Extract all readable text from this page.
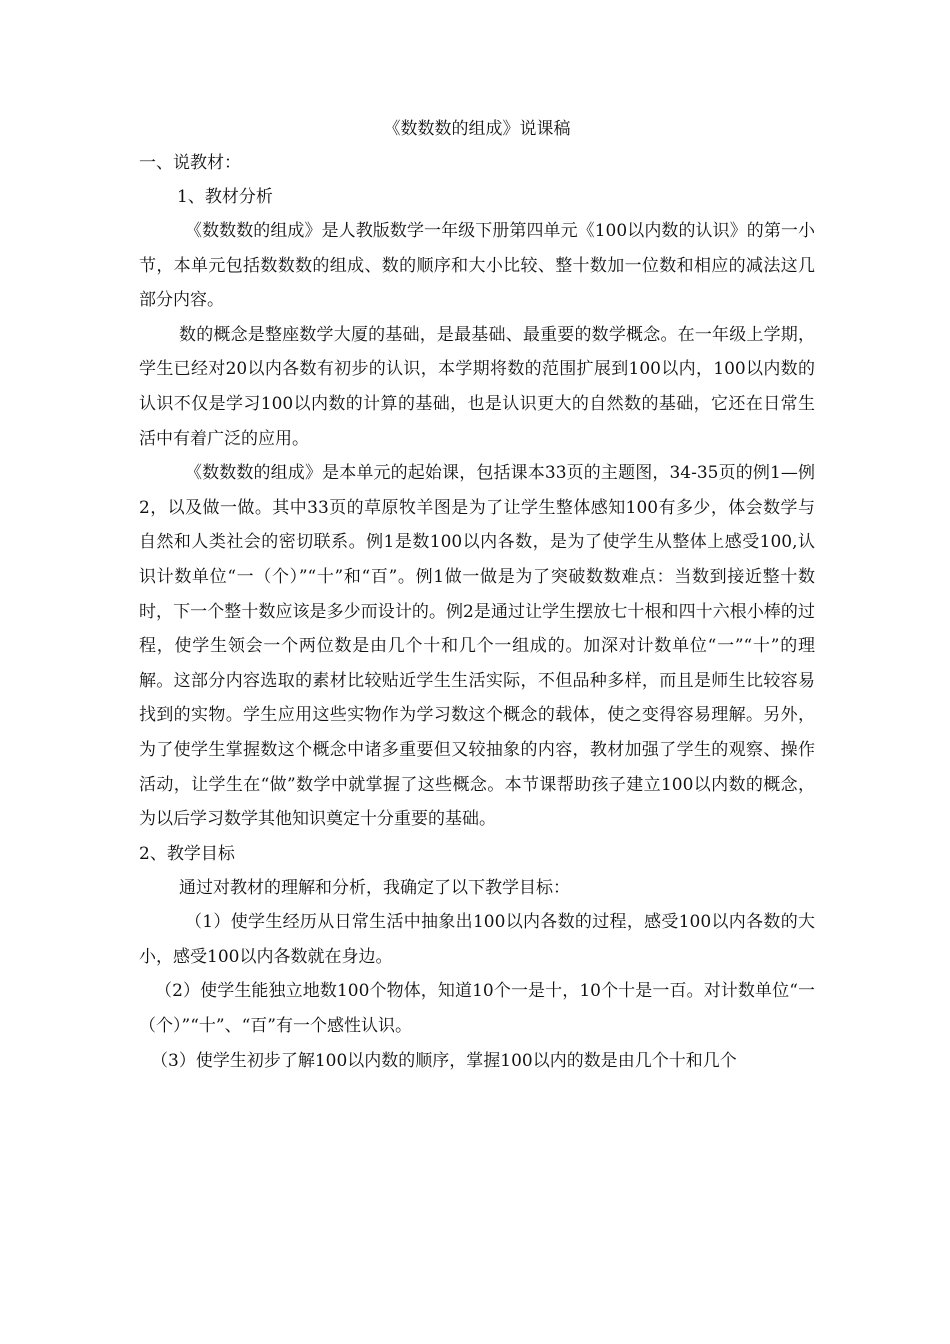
《数数数的组成》说课稿

一、说教材：

1、教材分析

《数数数的组成》是人教版数学一年级下册第四单元《100以内数的认识》的第一小节，本单元包括数数数的组成、数的顺序和大小比较、整十数加一位数和相应的减法这几部分内容。

数的概念是整座数学大厦的基础，是最基础、最重要的数学概念。在一年级上学期，学生已经对20以内各数有初步的认识，本学期将数的范围扩展到100以内，100以内数的认识不仅是学习100以内数的计算的基础，也是认识更大的自然数的基础，它还在日常生活中有着广泛的应用。

《数数数的组成》是本单元的起始课，包括课本33页的主题图，34-35页的例1—例2，以及做一做。其中33页的草原牧羊图是为了让学生整体感知100有多少，体会数学与自然和人类社会的密切联系。例1是数100以内各数，是为了使学生从整体上感受100,认识计数单位“一（个）”“十”和“百”。例1做一做是为了突破数数难点：当数到接近整十数时，下一个整十数应该是多少而设计的。例2是通过让学生摆放七十根和四十六根小棒的过程，使学生领会一个两位数是由几个十和几个一组成的。加深对计数单位“一”“十”的理解。这部分内容选取的素材比较贴近学生生活实际，不但品种多样，而且是师生比较容易找到的实物。学生应用这些实物作为学习数这个概念的载体，使之变得容易理解。另外，为了使学生掌握数这个概念中诸多重要但又较抽象的内容，教材加强了学生的观察、操作活动，让学生在“做”数学中就掌握了这些概念。本节课帮助孩子建立100以内数的概念，为以后学习数学其他知识奠定十分重要的基础。

2、教学目标

通过对教材的理解和分析，我确定了以下教学目标：

（1）使学生经历从日常生活中抽象出100以内各数的过程，感受100以内各数的大小，感受100以内各数就在身边。

（2）使学生能独立地数100个物体，知道10个一是十，10个十是一百。对计数单位“一（个）”“十”、“百”有一个感性认识。

（3）使学生初步了解100以内数的顺序，掌握100以内的数是由几个十和几个
